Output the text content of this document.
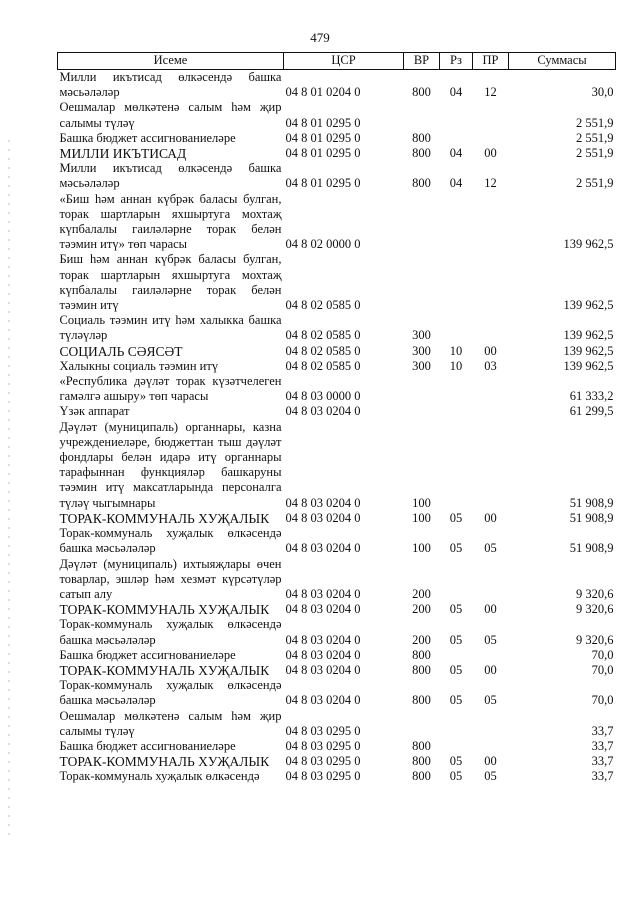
479
Исеме	ЦСР	ВР	Рз	ПР	Суммасы
Милли икътисад өлкәсендә башка мәсьәләләр	04 8 01 0204 0	800	04	12	30,0
Оешмалар мөлкәтенә салым һәм җир салымы түләү	04 8 01 0295 0				2 551,9
Башка бюджет ассигнованиеләре	04 8 01 0295 0	800			2 551,9
МИЛЛИ ИКЪТИСАД	04 8 01 0295 0	800	04	00	2 551,9
Милли икътисад өлкәсендә башка мәсьәләләр	04 8 01 0295 0	800	04	12	2 551,9
«Биш һәм аннан күбрәк баласы булган, торак шартларын яхшыртуга мохтаҗ күпбалалы гаиләләрне торак белән тәэмин итү» төп чарасы	04 8 02 0000 0				139 962,5
Биш һәм аннан күбрәк баласы булган, торак шартларын яхшыртуга мохтаҗ күпбалалы гаиләләрне торак белән тәэмин итү	04 8 02 0585 0				139 962,5
Социаль тәэмин итү һәм халыкка башка түләүләр	04 8 02 0585 0	300			139 962,5
СОЦИАЛЬ СӘЯСӘТ	04 8 02 0585 0	300	10	00	139 962,5
Халыкны социаль тәэмин итү	04 8 02 0585 0	300	10	03	139 962,5
«Республика дәүләт торак күзәтчелеген гамәлгә ашыру» төп чарасы	04 8 03 0000 0				61 333,2
Үзәк аппарат	04 8 03 0204 0				61 299,5
Дәүләт (муниципаль) органнары, казна учреждениеләре, бюджеттан тыш дәүләт фондлары белән идарә итү органнары тарафыннан функцияләр башкаруны тәэмин итү максатларында персоналга түләү чыгымнары	04 8 03 0204 0	100			51 908,9
ТОРАК-КОММУНАЛЬ ХУҖАЛЫК	04 8 03 0204 0	100	05	00	51 908,9
Торак-коммуналь хуҗалык өлкәсендә башка мәсьәләләр	04 8 03 0204 0	100	05	05	51 908,9
Дәүләт (муниципаль) ихтыяҗлары өчен товарлар, эшләр һәм хезмәт күрсәтүләр сатып алу	04 8 03 0204 0	200			9 320,6
ТОРАК-КОММУНАЛЬ ХУҖАЛЫК	04 8 03 0204 0	200	05	00	9 320,6
Торак-коммуналь хуҗалык өлкәсендә башка мәсьәләләр	04 8 03 0204 0	200	05	05	9 320,6
Башка бюджет ассигнованиеләре	04 8 03 0204 0	800			70,0
ТОРАК-КОММУНАЛЬ ХУҖАЛЫК	04 8 03 0204 0	800	05	00	70,0
Торак-коммуналь хуҗалык өлкәсендә башка мәсьәләләр	04 8 03 0204 0	800	05	05	70,0
Оешмалар мөлкәтенә салым һәм җир салымы түләү	04 8 03 0295 0				33,7
Башка бюджет ассигнованиеләре	04 8 03 0295 0	800			33,7
ТОРАК-КОММУНАЛЬ ХУҖАЛЫК	04 8 03 0295 0	800	05	00	33,7
Торак-коммуналь хуҗалык өлкәсендә	04 8 03 0295 0	800	05	05	33,7
